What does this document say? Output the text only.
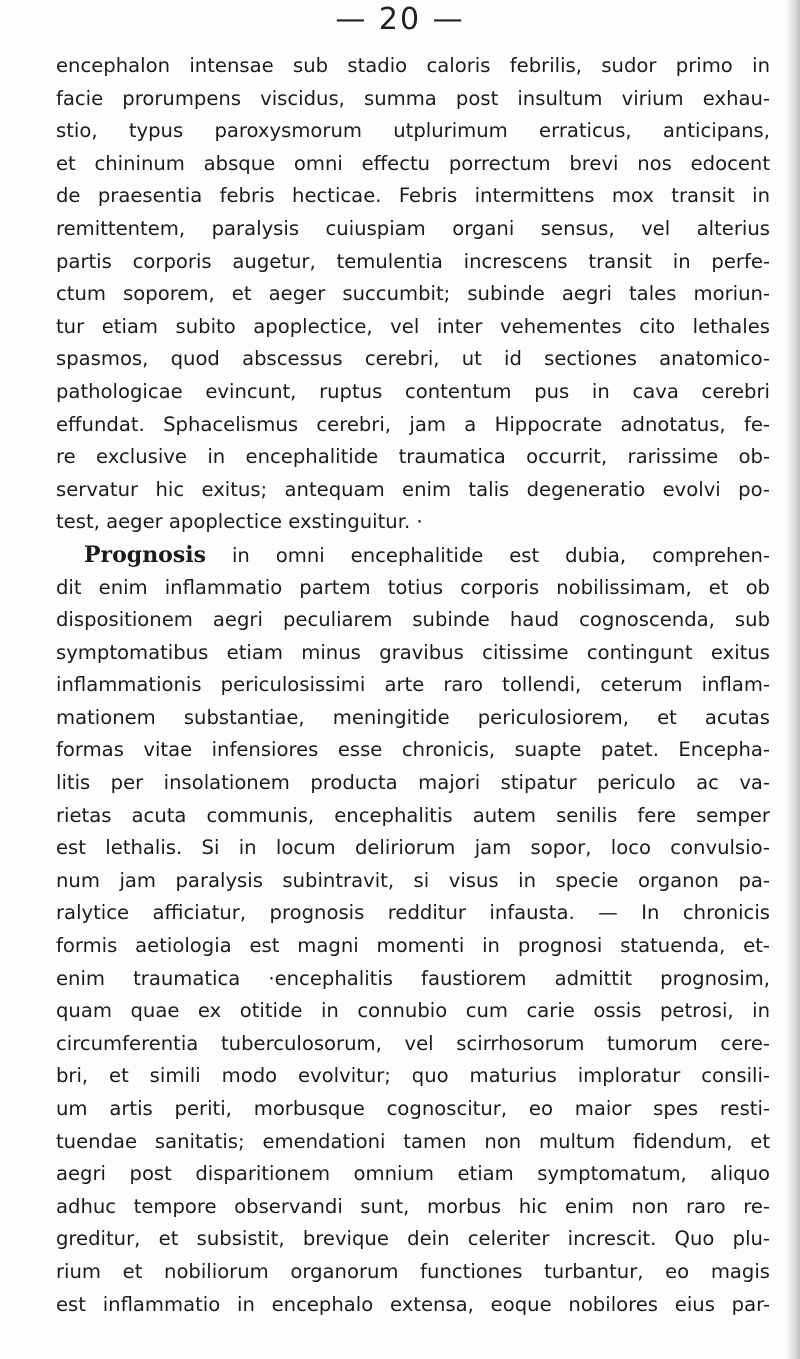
— 20 —
encephalon intensae sub stadio caloris febrilis, sudor primo in
facie prorumpens viscidus, summa post insultum virium exhau-
stio, typus paroxysmorum utplurimum erraticus, anticipans,
et chininum absque omni effectu porrectum brevi nos edocent
de praesentia febris hecticae. Febris intermittens mox transit in
remittentem, paralysis cuiuspiam organi sensus, vel alterius
partis corporis augetur, temulentia increscens transit in perfe-
ctum soporem, et aeger succumbit; subinde aegri tales moriun-
tur etiam subito apoplectice, vel inter vehementes cito lethales
spasmos, quod abscessus cerebri, ut id sectiones anatomico-
pathologicae evincunt, ruptus contentum pus in cava cerebri
effundat. Sphacelismus cerebri, jam a Hippocrate adnotatus, fe-
re exclusive in encephalitide traumatica occurrit, rarissime ob-
servatur hic exitus; antequam enim talis degeneratio evolvi po-
test, aeger apoplectice exstinguitur. ·
Prognosis in omni encephalitide est dubia, comprehen-
dit enim inflammatio partem totius corporis nobilissimam, et ob
dispositionem aegri peculiarem subinde haud cognoscenda, sub
symptomatibus etiam minus gravibus citissime contingunt exitus
inflammationis periculosissimi arte raro tollendi, ceterum inflam-
mationem substantiae, meningitide periculosiorem, et acutas
formas vitae infensiores esse chronicis, suapte patet. Encepha-
litis per insolationem producta majori stipatur periculo ac va-
rietas acuta communis, encephalitis autem senilis fere semper
est lethalis. Si in locum deliriorum jam sopor, loco convulsio-
num jam paralysis subintravit, si visus in specie organon pa-
ralytice afficiatur, prognosis redditur infausta. — In chronicis
formis aetiologia est magni momenti in prognosi statuenda, et-
enim traumatica ·encephalitis faustiorem admittit prognosim,
quam quae ex otitide in connubio cum carie ossis petrosi, in
circumferentia tuberculosorum, vel scirrhosorum tumorum cere-
bri, et simili modo evolvitur; quo maturius imploratur consili-
um artis periti, morbusque cognoscitur, eo maior spes resti-
tuendae sanitatis; emendationi tamen non multum fidendum, et
aegri post disparitionem omnium etiam symptomatum, aliquo
adhuc tempore observandi sunt, morbus hic enim non raro re-
greditur, et subsistit, brevique dein celeriter increscit. Quo plu-
rium et nobiliorum organorum functiones turbantur, eo magis
est inflammatio in encephalo extensa, eoque nobilores eius par-
